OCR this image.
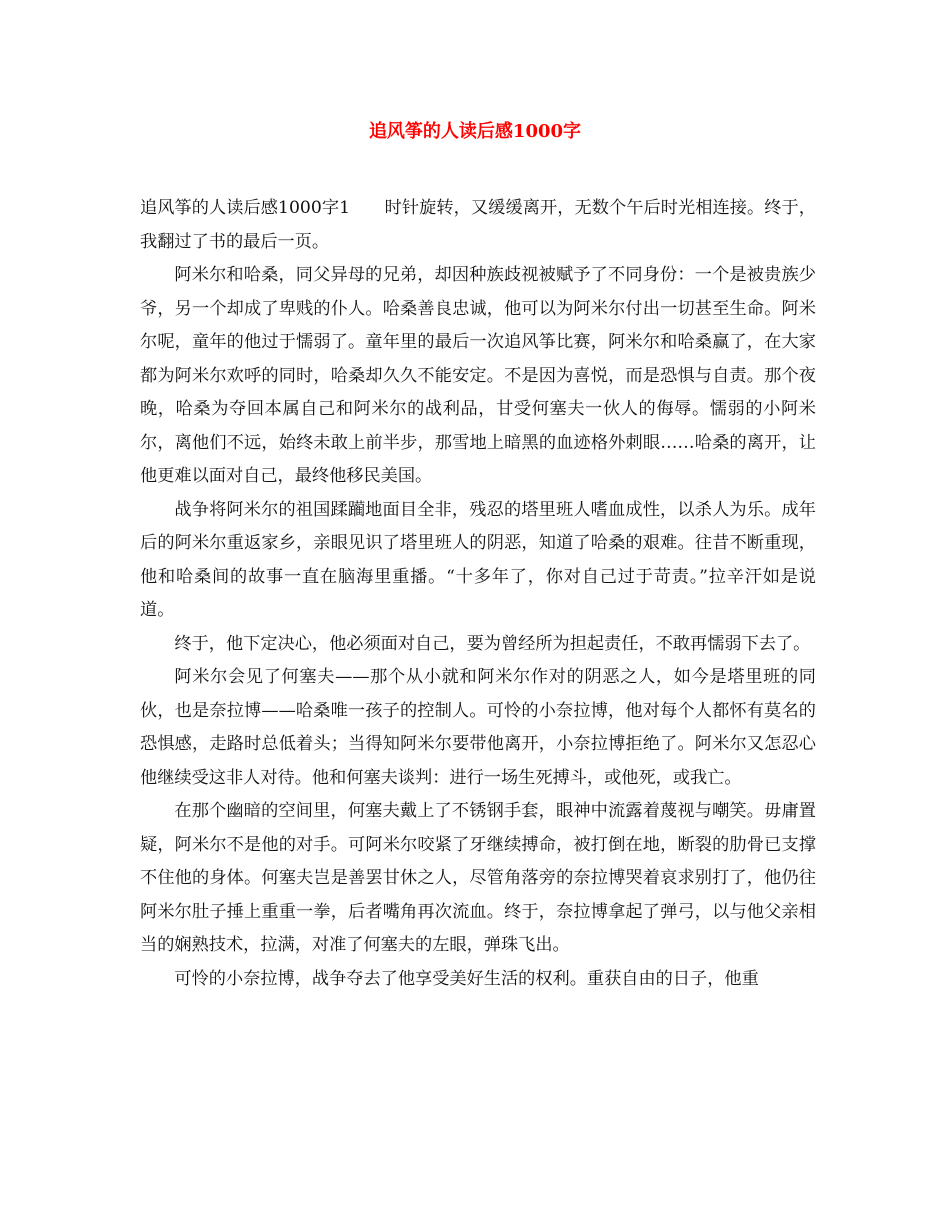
追风筝的人读后感1000字

追风筝的人读后感1000字1　　时针旋转，又缓缓离开，无数个午后时光相连接。终于，我翻过了书的最后一页。

阿米尔和哈桑，同父异母的兄弟，却因种族歧视被赋予了不同身份：一个是被贵族少爷，另一个却成了卑贱的仆人。哈桑善良忠诚，他可以为阿米尔付出一切甚至生命。阿米尔呢，童年的他过于懦弱了。童年里的最后一次追风筝比赛，阿米尔和哈桑赢了，在大家都为阿米尔欢呼的同时，哈桑却久久不能安定。不是因为喜悦，而是恐惧与自责。那个夜晚，哈桑为夺回本属自己和阿米尔的战利品，甘受何塞夫一伙人的侮辱。懦弱的小阿米尔，离他们不远，始终未敢上前半步，那雪地上暗黑的血迹格外刺眼……哈桑的离开，让他更难以面对自己，最终他移民美国。

战争将阿米尔的祖国蹂躏地面目全非，残忍的塔里班人嗜血成性，以杀人为乐。成年后的阿米尔重返家乡，亲眼见识了塔里班人的阴恶，知道了哈桑的艰难。往昔不断重现，他和哈桑间的故事一直在脑海里重播。“十多年了，你对自己过于苛责。”拉辛汗如是说道。

终于，他下定决心，他必须面对自己，要为曾经所为担起责任，不敢再懦弱下去了。

阿米尔会见了何塞夫——那个从小就和阿米尔作对的阴恶之人，如今是塔里班的同伙，也是奈拉博——哈桑唯一孩子的控制人。可怜的小奈拉博，他对每个人都怀有莫名的恐惧感，走路时总低着头；当得知阿米尔要带他离开，小奈拉博拒绝了。阿米尔又怎忍心他继续受这非人对待。他和何塞夫谈判：进行一场生死搏斗，或他死，或我亡。

在那个幽暗的空间里，何塞夫戴上了不锈钢手套，眼神中流露着蔑视与嘲笑。毋庸置疑，阿米尔不是他的对手。可阿米尔咬紧了牙继续搏命，被打倒在地，断裂的肋骨已支撑不住他的身体。何塞夫岂是善罢甘休之人，尽管角落旁的奈拉博哭着哀求别打了，他仍往阿米尔肚子捶上重重一拳，后者嘴角再次流血。终于，奈拉博拿起了弹弓，以与他父亲相当的娴熟技术，拉满，对准了何塞夫的左眼，弹珠飞出。

可怜的小奈拉博，战争夺去了他享受美好生活的权利。重获自由的日子，他重
